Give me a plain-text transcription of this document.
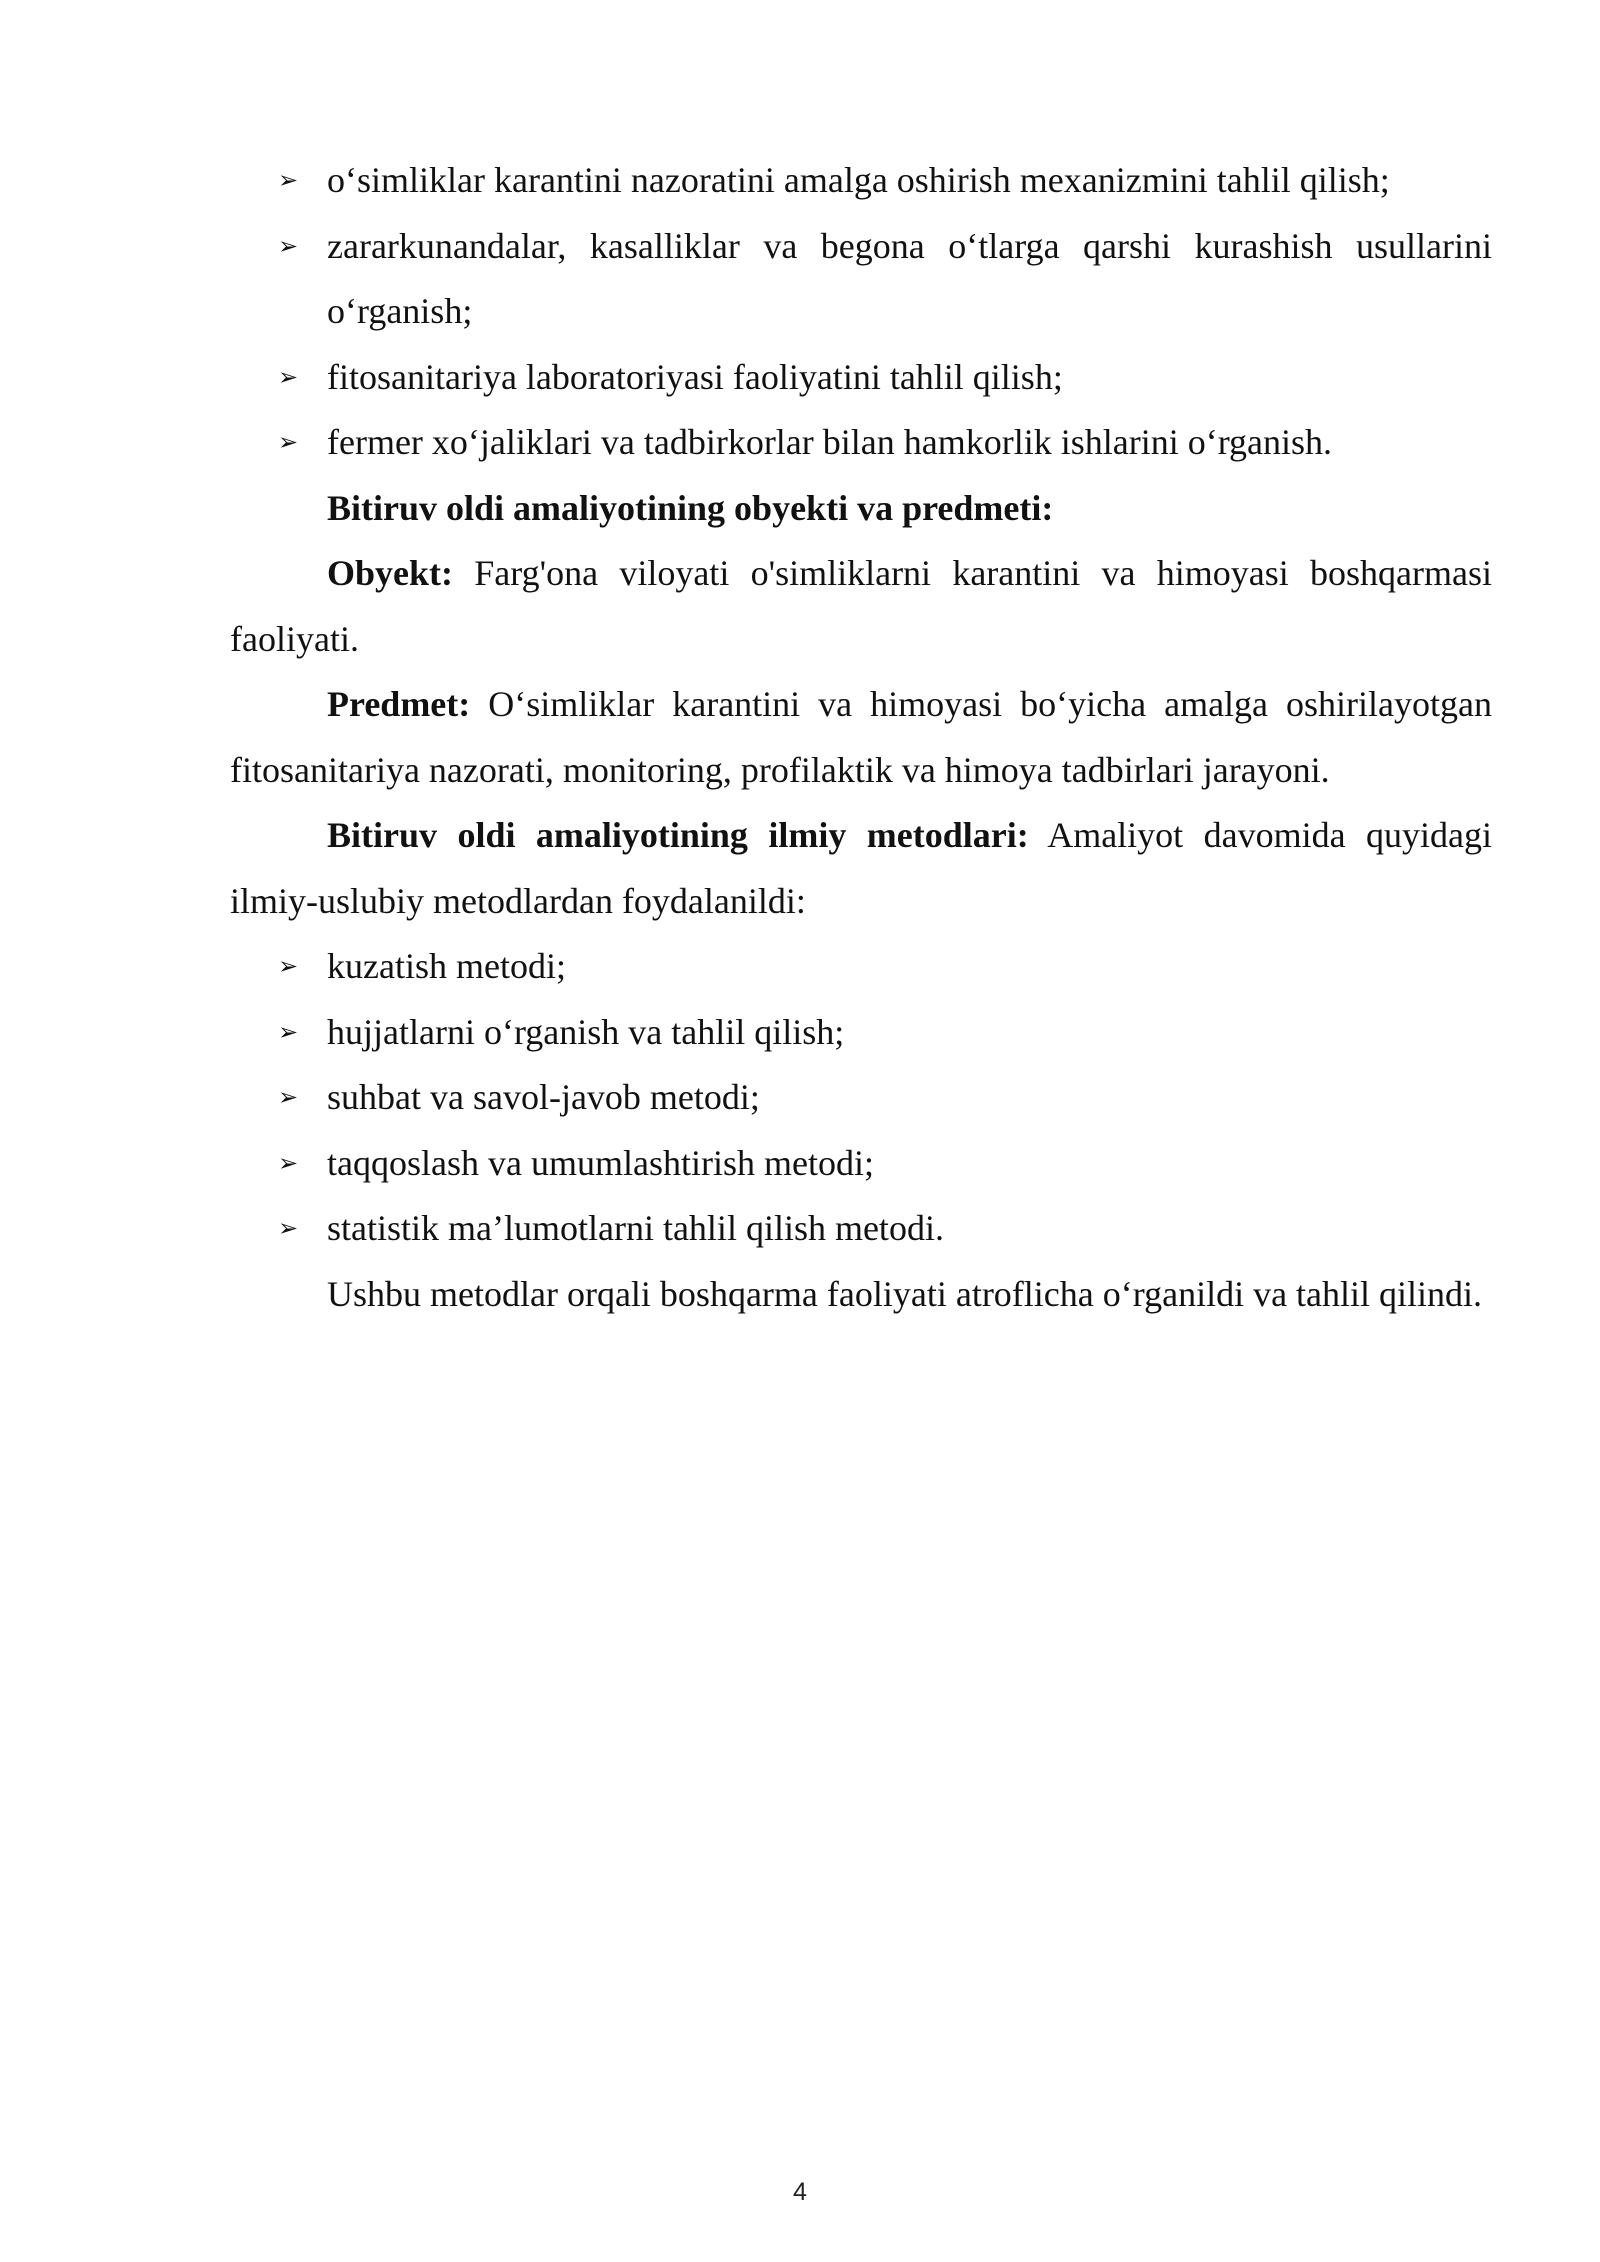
➢ o‘simliklar karantini nazoratini amalga oshirish mexanizmini tahlil qilish;
➢ zararkunandalar, kasalliklar va begona o‘tlarga qarshi kurashish usullarini o‘rganish;
➢ fitosanitariya laboratoriyasi faoliyatini tahlil qilish;
➢ fermer xo‘jaliklari va tadbirkorlar bilan hamkorlik ishlarini o‘rganish.

Bitiruv oldi amaliyotining obyekti va predmeti:

Obyekt: Farg'ona viloyati o'simliklarni karantini va himoyasi boshqarmasi faoliyati.

Predmet: O‘simliklar karantini va himoyasi bo‘yicha amalga oshirilayotgan fitosanitariya nazorati, monitoring, profilaktik va himoya tadbirlari jarayoni.

Bitiruv oldi amaliyotining ilmiy metodlari: Amaliyot davomida quyidagi ilmiy-uslubiy metodlardan foydalanildi:

➢ kuzatish metodi;
➢ hujjatlarni o‘rganish va tahlil qilish;
➢ suhbat va savol-javob metodi;
➢ taqqoslash va umumlashtirish metodi;
➢ statistik ma’lumotlarni tahlil qilish metodi.

Ushbu metodlar orqali boshqarma faoliyati atroflicha o‘rganildi va tahlil qilindi.

4
